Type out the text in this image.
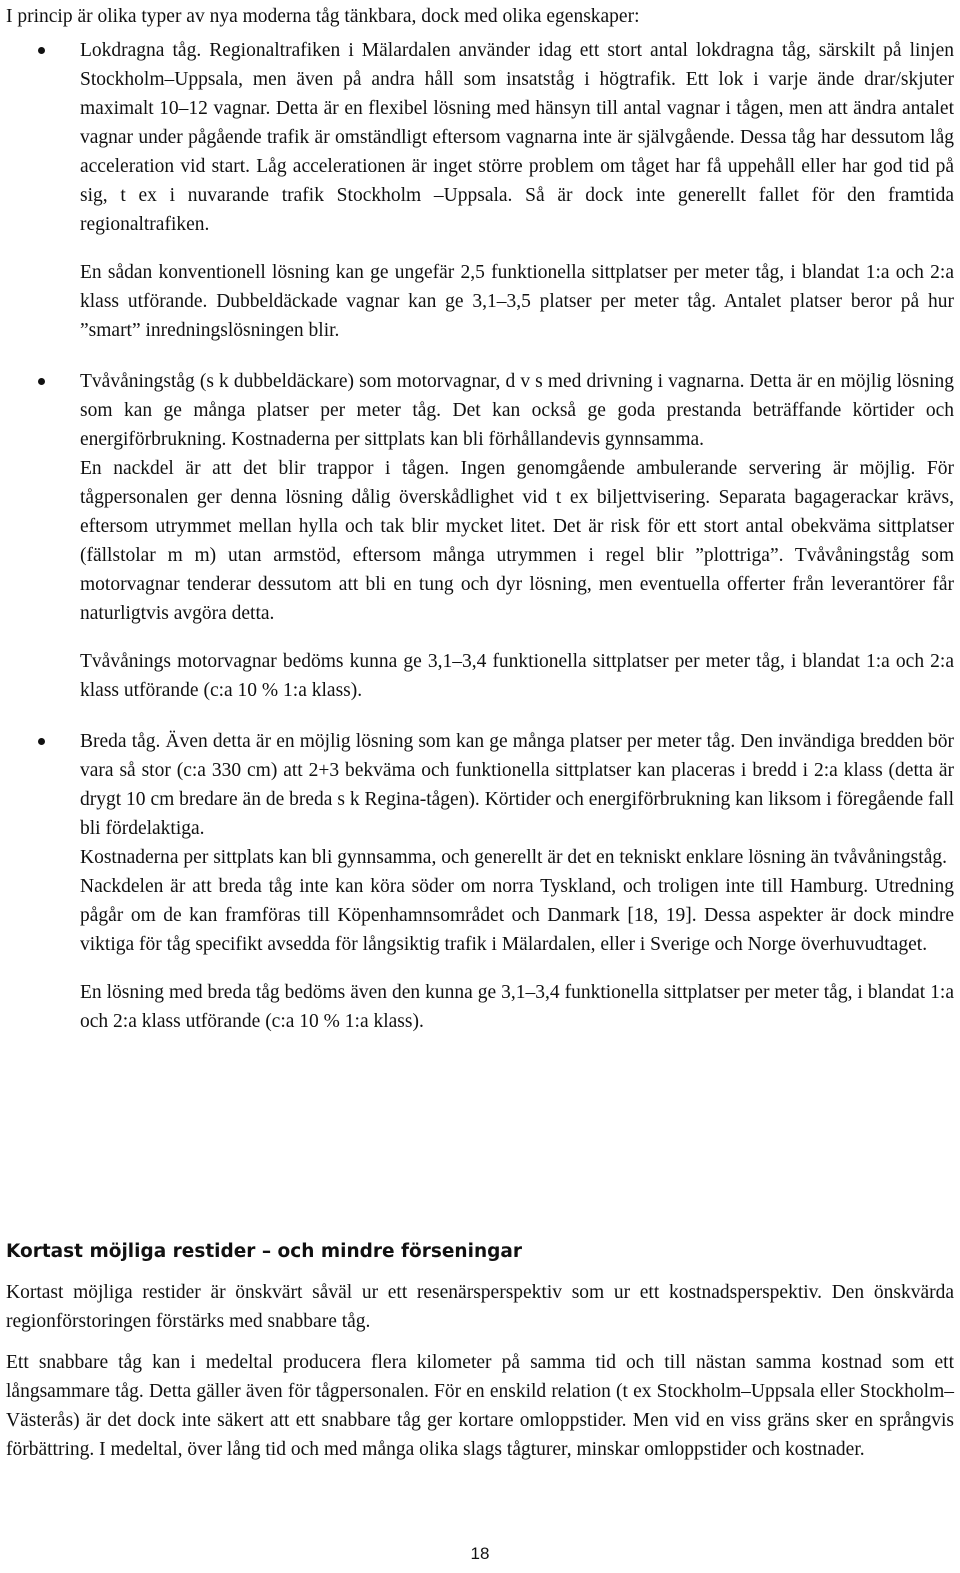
I princip är olika typer av nya moderna tåg tänkbara, dock med olika egenskaper:

Lokdragna tåg. Regionaltrafiken i Mälardalen använder idag ett stort antal lokdragna tåg, särskilt på linjen Stockholm–Uppsala, men även på andra håll som insatståg i högtrafik. Ett lok i varje ände drar/skjuter maximalt 10–12 vagnar. Detta är en flexibel lösning med hänsyn till antal vagnar i tågen, men att ändra antalet vagnar under pågående trafik är omständligt eftersom vagnarna inte är självgående. Dessa tåg har dessutom låg acceleration vid start. Låg accelerationen är inget större problem om tåget har få uppehåll eller har god tid på sig, t ex i nuvarande trafik Stockholm –Uppsala. Så är dock inte generellt fallet för den framtida regionaltrafiken.

En sådan konventionell lösning kan ge ungefär 2,5 funktionella sittplatser per meter tåg, i blandat 1:a och 2:a klass utförande. Dubbeldäckade vagnar kan ge 3,1–3,5 platser per meter tåg. Antalet platser beror på hur ”smart” inredningslösningen blir.

Tvåvåningståg (s k dubbeldäckare) som motorvagnar, d v s med drivning i vagnarna. Detta är en möjlig lösning som kan ge många platser per meter tåg. Det kan också ge goda prestanda beträffande körtider och energiförbrukning. Kostnaderna per sittplats kan bli förhållandevis gynnsamma.

En nackdel är att det blir trappor i tågen. Ingen genomgående ambulerande servering är möjlig. För tågpersonalen ger denna lösning dålig överskådlighet vid t ex biljettvisering. Separata bagagerackar krävs, eftersom utrymmet mellan hylla och tak blir mycket litet. Det är risk för ett stort antal obekväma sittplatser (fällstolar m m) utan armstöd, eftersom många utrymmen i regel blir ”plottriga”. Tvåvåningståg som motorvagnar tenderar dessutom att bli en tung och dyr lösning, men eventuella offerter från leverantörer får naturligtvis avgöra detta.

Tvåvånings motorvagnar bedöms kunna ge 3,1–3,4 funktionella sittplatser per meter tåg, i blandat 1:a och 2:a klass utförande (c:a 10 % 1:a klass).

Breda tåg. Även detta är en möjlig lösning som kan ge många platser per meter tåg. Den invändiga bredden bör vara så stor (c:a 330 cm) att 2+3 bekväma och funktionella sittplatser kan placeras i bredd i 2:a klass (detta är drygt 10 cm bredare än de breda s k Regina-tågen). Körtider och energiförbrukning kan liksom i föregående fall bli fördelaktiga.

Kostnaderna per sittplats kan bli gynnsamma, och generellt är det en tekniskt enklare lösning än tvåvåningståg.

Nackdelen är att breda tåg inte kan köra söder om norra Tyskland, och troligen inte till Hamburg. Utredning pågår om de kan framföras till Köpenhamnsområdet och Danmark [18, 19]. Dessa aspekter är dock mindre viktiga för tåg specifikt avsedda för långsiktig trafik i Mälardalen, eller i Sverige och Norge överhuvudtaget.

En lösning med breda tåg bedöms även den kunna ge 3,1–3,4 funktionella sittplatser per meter tåg, i blandat 1:a och 2:a klass utförande (c:a 10 % 1:a klass).

Kortast möjliga restider – och mindre förseningar

Kortast möjliga restider är önskvärt såväl ur ett resenärsperspektiv som ur ett kostnadsperspektiv. Den önskvärda regionförstoringen förstärks med snabbare tåg.

Ett snabbare tåg kan i medeltal producera flera kilometer på samma tid och till nästan samma kostnad som ett långsammare tåg. Detta gäller även för tågpersonalen. För en enskild relation (t ex Stockholm–Uppsala eller Stockholm–Västerås) är det dock inte säkert att ett snabbare tåg ger kortare omloppstider. Men vid en viss gräns sker en språngvis förbättring. I medeltal, över lång tid och med många olika slags tågturer, minskar omloppstider och kostnader.

18
